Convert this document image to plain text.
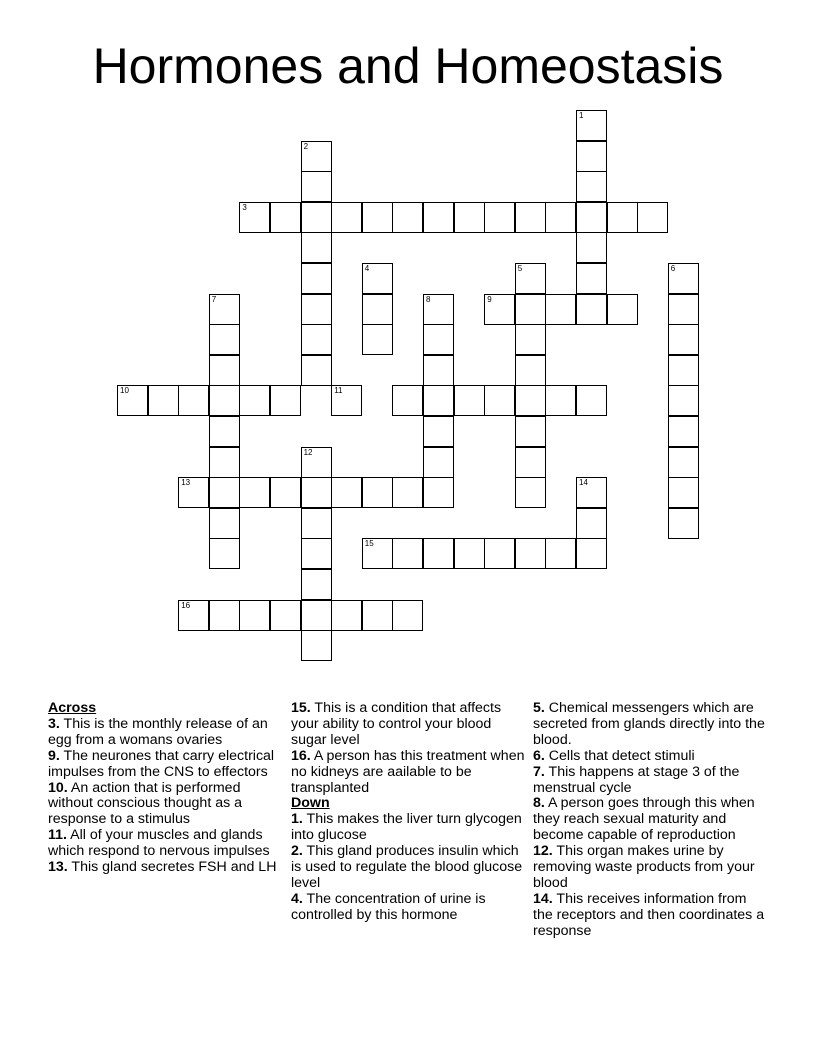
Hormones and Homeostasis
1
2
3
4	5	6
7	8	9
10	11
12
13	14
15
16

Across

3. This is the monthly release of an egg from a womans ovaries

9. The neurones that carry electrical impulses from the CNS to effectors

10. An action that is performed without conscious thought as a response to a stimulus

11. All of your muscles and glands which respond to nervous impulses

13. This gland secretes FSH and LH

15. This is a condition that affects your ability to control your blood sugar level

16. A person has this treatment when no kidneys are aailable to be transplanted

Down

1. This makes the liver turn glycogen into glucose

2. This gland produces insulin which is used to regulate the blood glucose level

4. The concentration of urine is controlled by this hormone

5. Chemical messengers which are secreted from glands directly into the blood.

6. Cells that detect stimuli

7. This happens at stage 3 of the menstrual cycle

8. A person goes through this when they reach sexual maturity and become capable of reproduction

12. This organ makes urine by removing waste products from your blood

14. This receives information from the receptors and then coordinates a response
